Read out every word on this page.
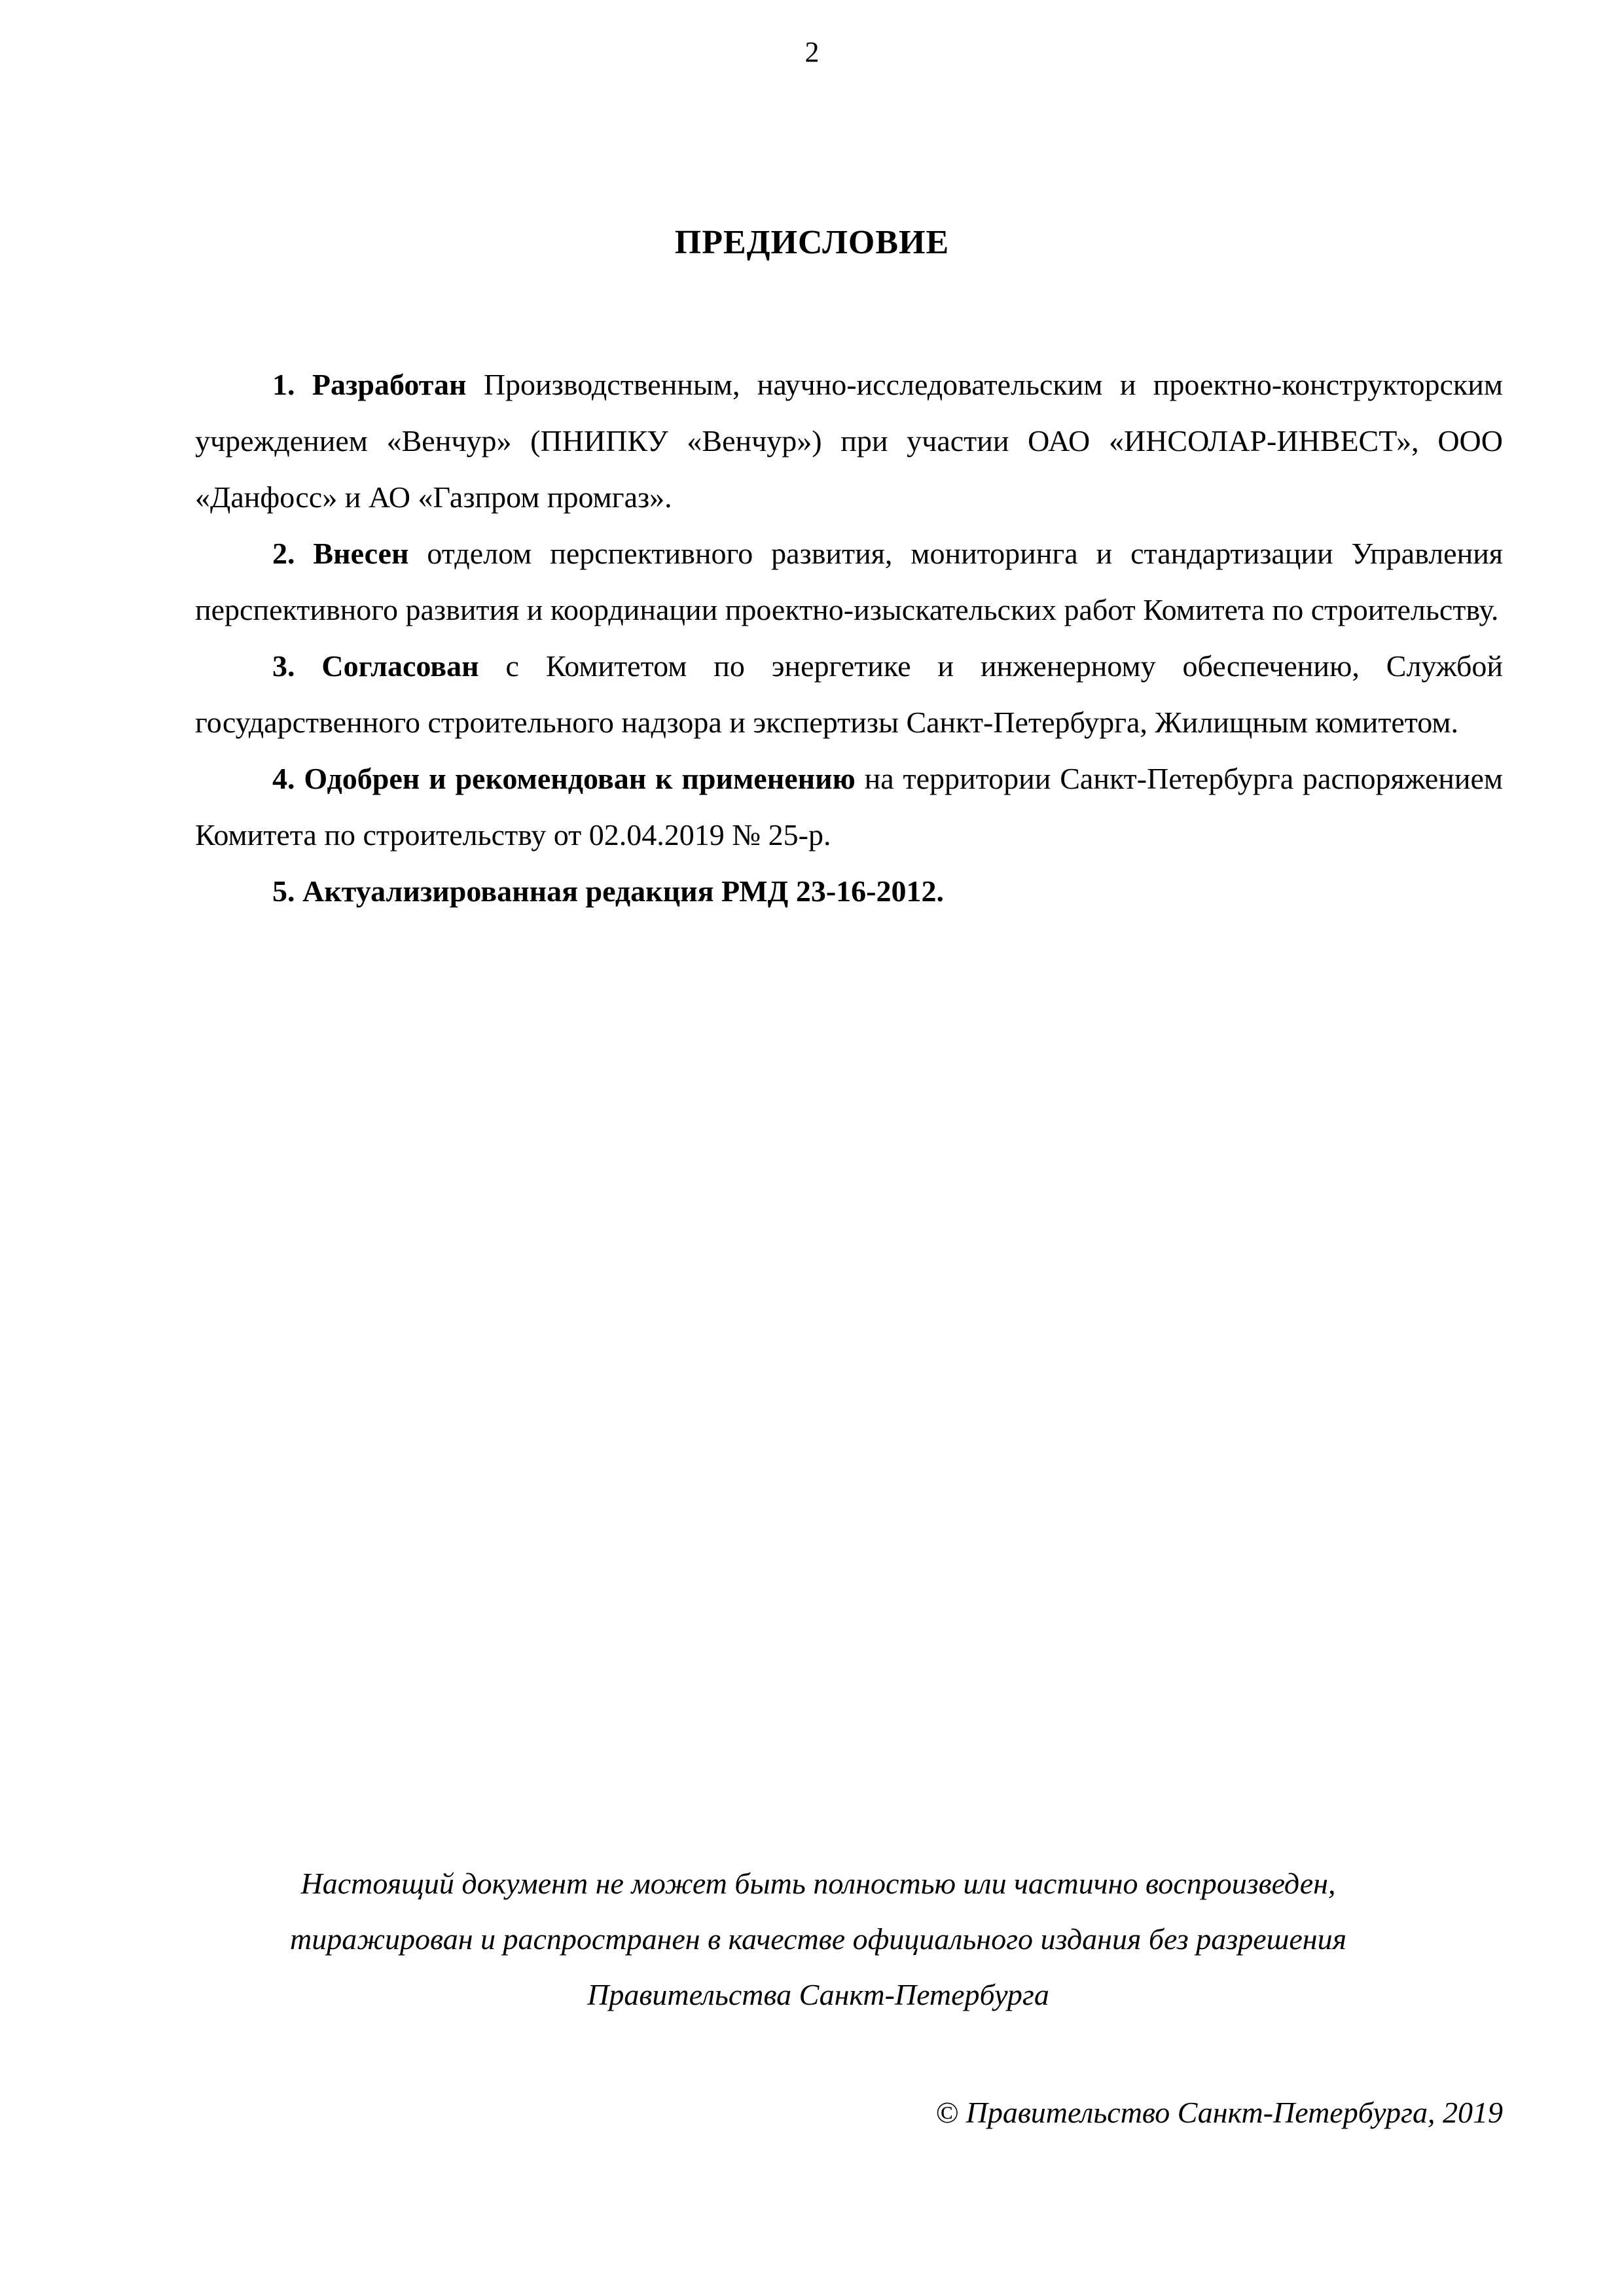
2
ПРЕДИСЛОВИЕ

1. Разработан Производственным, научно-исследовательским и проектно-конструкторским учреждением «Венчур» (ПНИПКУ «Венчур») при участии ОАО «ИНСОЛАР-ИНВЕСТ», ООО «Данфосс» и АО «Газпром промгаз».

2. Внесен отделом перспективного развития, мониторинга и стандартизации Управления перспективного развития и координации проектно-изыскательских работ Комитета по строительству.

3. Согласован с Комитетом по энергетике и инженерному обеспечению, Службой государственного строительного надзора и экспертизы Санкт-Петербурга, Жилищным комитетом.

4. Одобрен и рекомендован к применению на территории Санкт-Петербурга распоряжением Комитета по строительству от 02.04.2019 № 25-р.

5. Актуализированная редакция РМД 23-16-2012.

Настоящий документ не может быть полностью или частично воспроизведен,
тиражирован и распространен в качестве официального издания без разрешения
Правительства Санкт-Петербурга
© Правительство Санкт-Петербурга, 2019
